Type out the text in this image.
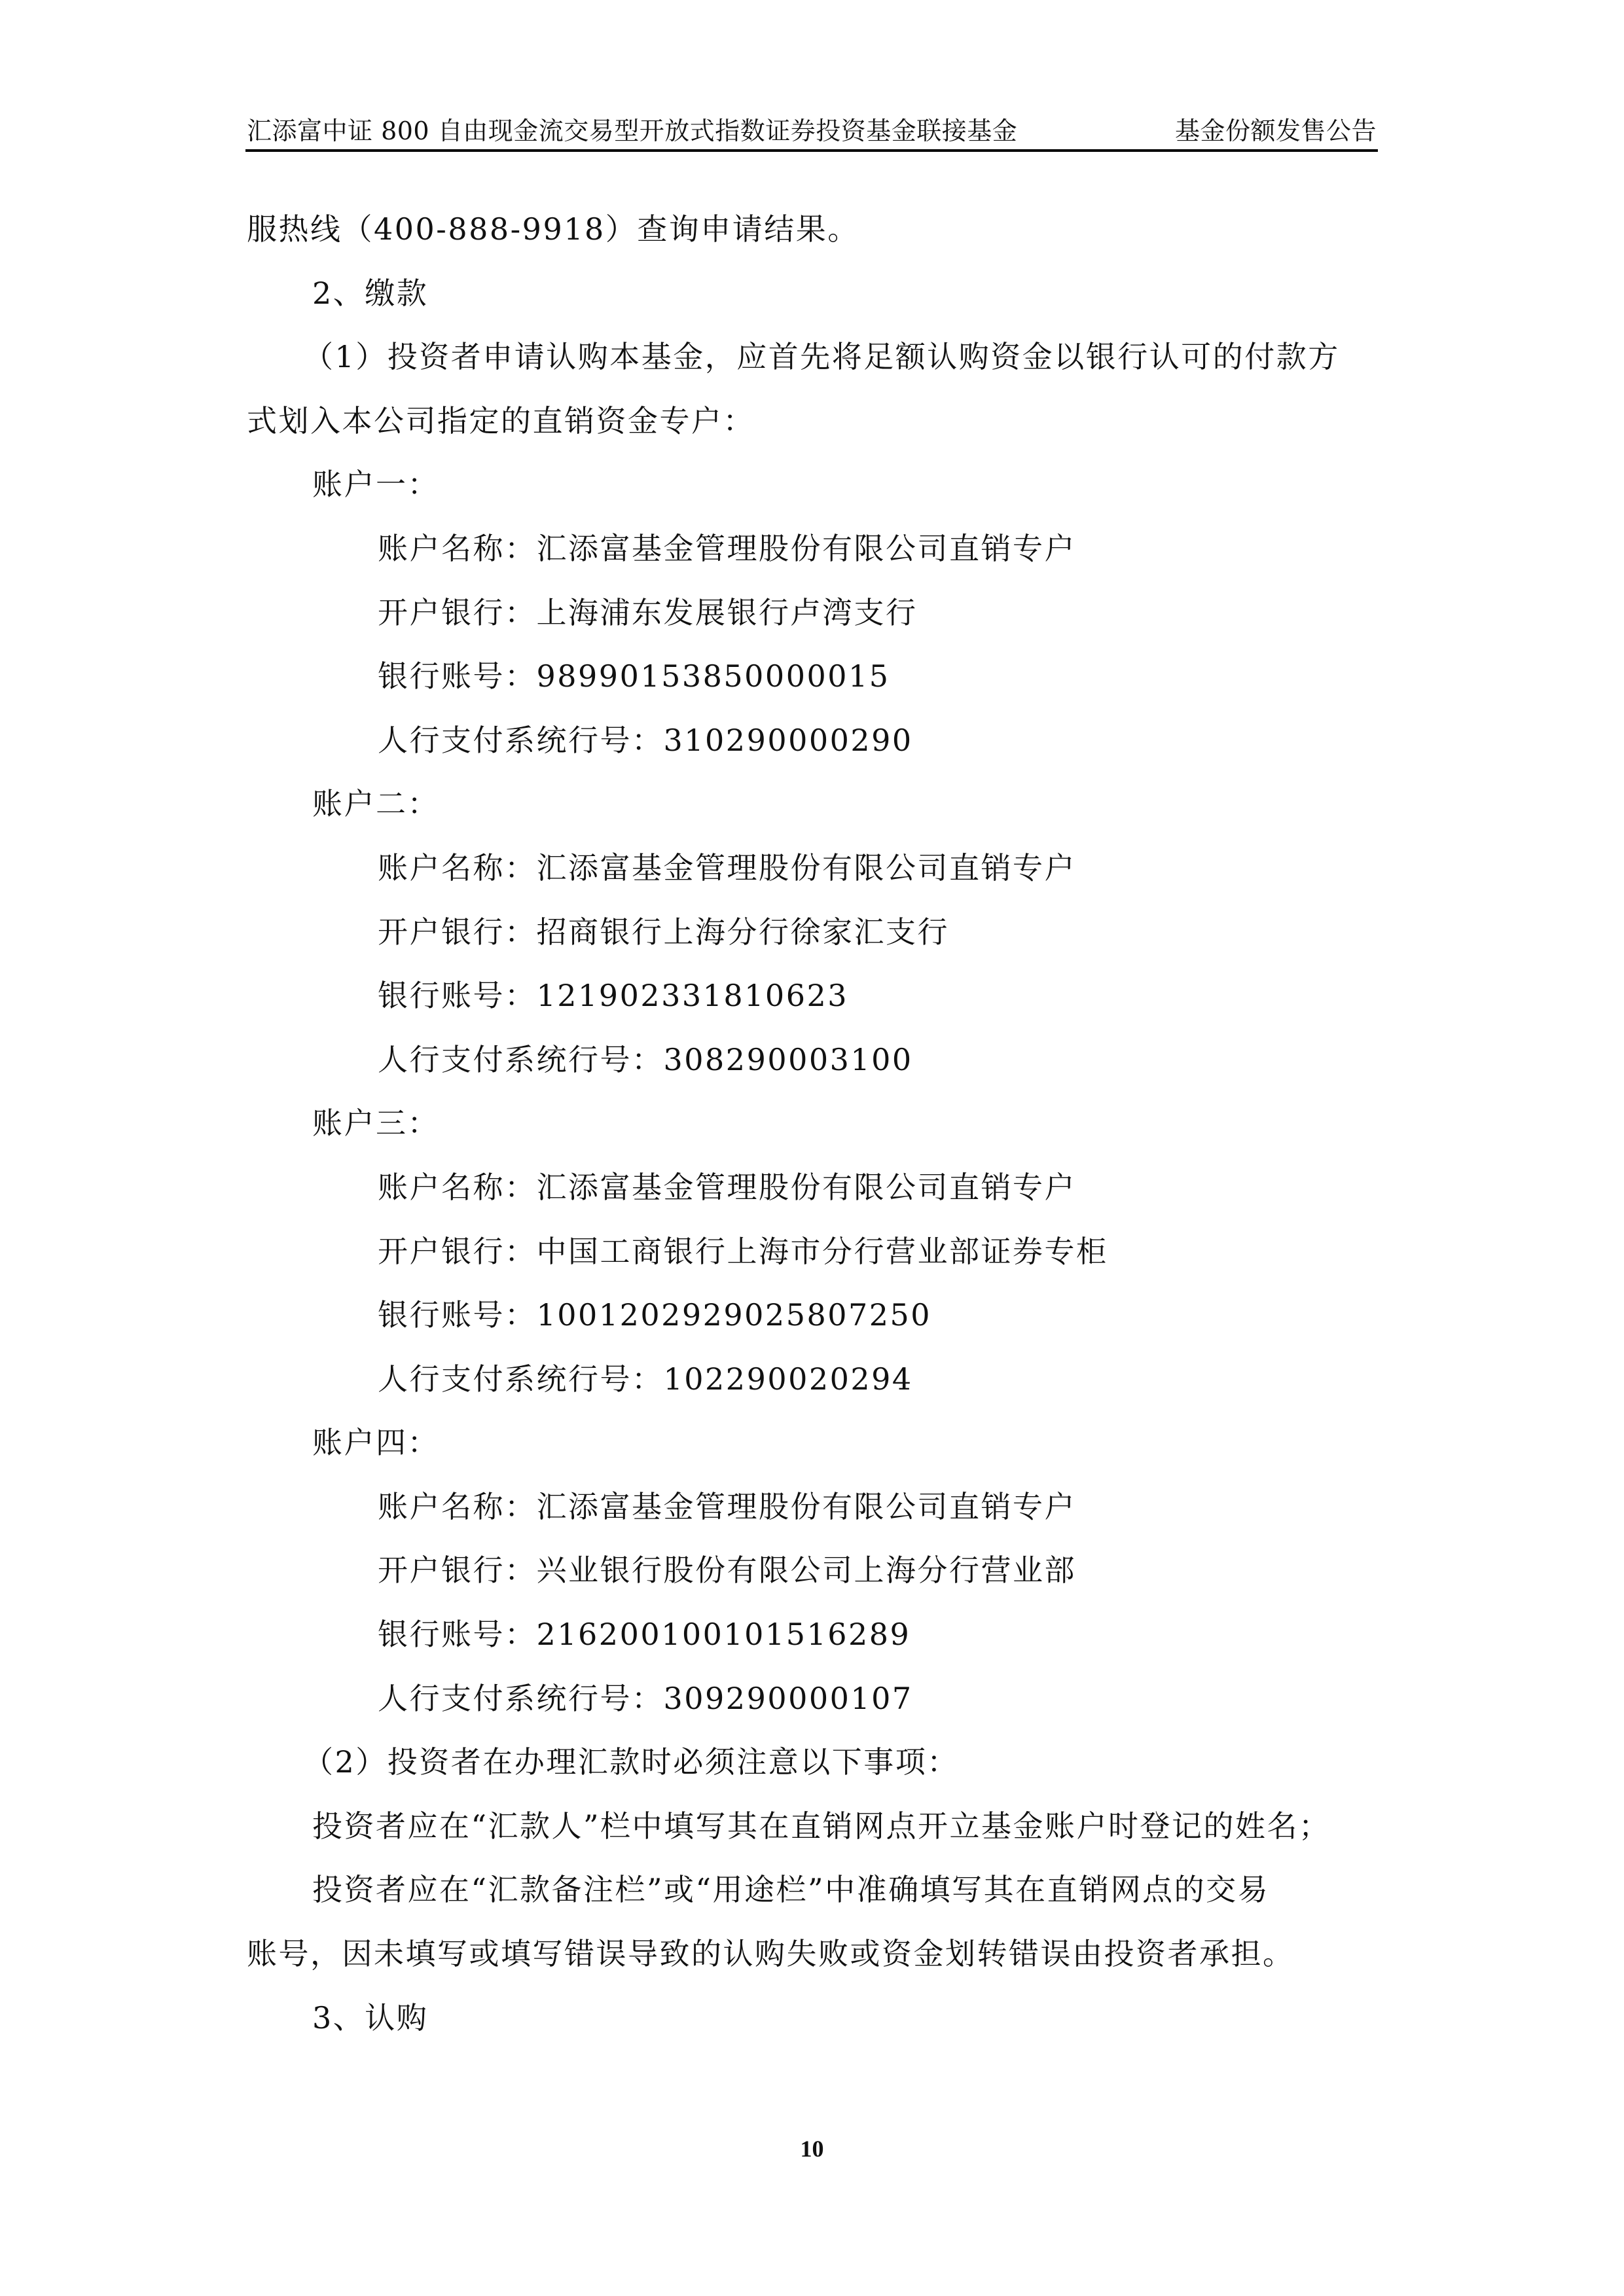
汇添富中证 800 自由现金流交易型开放式指数证券投资基金联接基金	基金份额发售公告
服热线（400-888-9918）查询申请结果。
2、缴款
（1）投资者申请认购本基金，应首先将足额认购资金以银行认可的付款方
式划入本公司指定的直销资金专户：
账户一：
账户名称：汇添富基金管理股份有限公司直销专户
开户银行：上海浦东发展银行卢湾支行
银行账号：98990153850000015
人行支付系统行号：310290000290
账户二：
账户名称：汇添富基金管理股份有限公司直销专户
开户银行：招商银行上海分行徐家汇支行
银行账号：121902331810623
人行支付系统行号：308290003100
账户三：
账户名称：汇添富基金管理股份有限公司直销专户
开户银行：中国工商银行上海市分行营业部证券专柜
银行账号：1001202929025807250
人行支付系统行号：102290020294
账户四：
账户名称：汇添富基金管理股份有限公司直销专户
开户银行：兴业银行股份有限公司上海分行营业部
银行账号：216200100101516289
人行支付系统行号：309290000107
（2）投资者在办理汇款时必须注意以下事项：
投资者应在“汇款人”栏中填写其在直销网点开立基金账户时登记的姓名；
投资者应在“汇款备注栏”或“用途栏”中准确填写其在直销网点的交易
账号，因未填写或填写错误导致的认购失败或资金划转错误由投资者承担。
3、认购
10
